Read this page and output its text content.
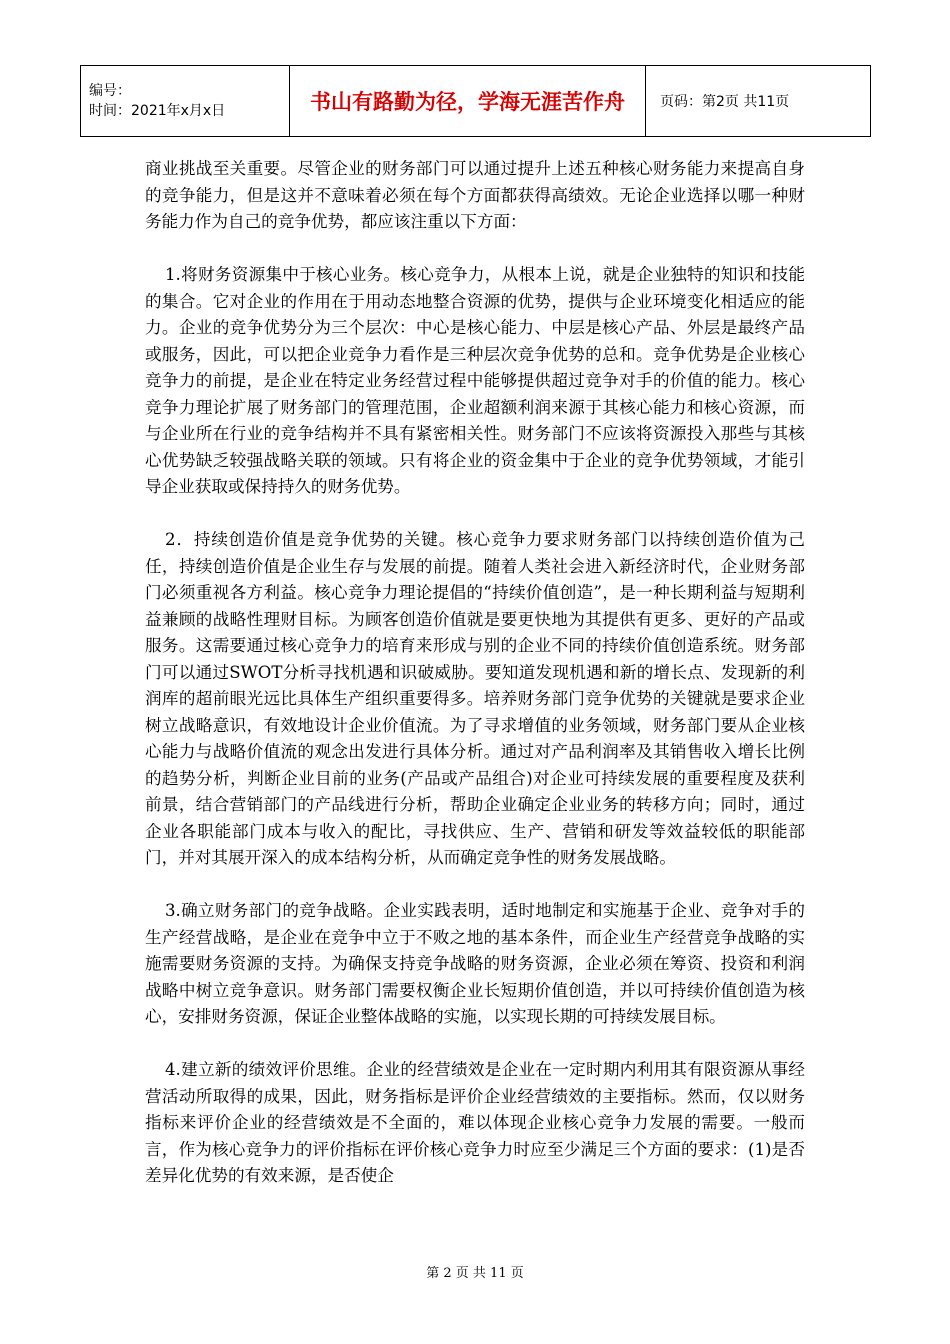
编号：
时间：2021年x月x日	书山有路勤为径，学海无涯苦作舟	页码：第2页 共11页

商业挑战至关重要。尽管企业的财务部门可以通过提升上述五种核心财务能力来提高自身的竞争能力，但是这并不意味着必须在每个方面都获得高绩效。无论企业选择以哪一种财务能力作为自己的竞争优势，都应该注重以下方面：

1.将财务资源集中于核心业务。核心竞争力，从根本上说，就是企业独特的知识和技能的集合。它对企业的作用在于用动态地整合资源的优势，提供与企业环境变化相适应的能力。企业的竞争优势分为三个层次：中心是核心能力、中层是核心产品、外层是最终产品或服务，因此，可以把企业竞争力看作是三种层次竞争优势的总和。竞争优势是企业核心竞争力的前提，是企业在特定业务经营过程中能够提供超过竞争对手的价值的能力。核心竞争力理论扩展了财务部门的管理范围，企业超额利润来源于其核心能力和核心资源，而与企业所在行业的竞争结构并不具有紧密相关性。财务部门不应该将资源投入那些与其核心优势缺乏较强战略关联的领域。只有将企业的资金集中于企业的竞争优势领域，才能引导企业获取或保持持久的财务优势。

2．持续创造价值是竞争优势的关键。核心竞争力要求财务部门以持续创造价值为己任，持续创造价值是企业生存与发展的前提。随着人类社会进入新经济时代，企业财务部门必须重视各方利益。核心竞争力理论提倡的“持续价值创造”，是一种长期利益与短期利益兼顾的战略性理财目标。为顾客创造价值就是要更快地为其提供有更多、更好的产品或服务。这需要通过核心竞争力的培育来形成与别的企业不同的持续价值创造系统。财务部门可以通过SWOT分析寻找机遇和识破威胁。要知道发现机遇和新的增长点、发现新的利润库的超前眼光远比具体生产组织重要得多。培养财务部门竞争优势的关键就是要求企业树立战略意识，有效地设计企业价值流。为了寻求增值的业务领域，财务部门要从企业核心能力与战略价值流的观念出发进行具体分析。通过对产品利润率及其销售收入增长比例的趋势分析，判断企业目前的业务(产品或产品组合)对企业可持续发展的重要程度及获利前景，结合营销部门的产品线进行分析，帮助企业确定企业业务的转移方向；同时，通过企业各职能部门成本与收入的配比，寻找供应、生产、营销和研发等效益较低的职能部门，并对其展开深入的成本结构分析，从而确定竞争性的财务发展战略。

3.确立财务部门的竞争战略。企业实践表明，适时地制定和实施基于企业、竞争对手的生产经营战略，是企业在竞争中立于不败之地的基本条件，而企业生产经营竞争战略的实施需要财务资源的支持。为确保支持竞争战略的财务资源，企业必须在筹资、投资和利润战略中树立竞争意识。财务部门需要权衡企业长短期价值创造，并以可持续价值创造为核心，安排财务资源，保证企业整体战略的实施，以实现长期的可持续发展目标。

4.建立新的绩效评价思维。企业的经营绩效是企业在一定时期内利用其有限资源从事经营活动所取得的成果，因此，财务指标是评价企业经营绩效的主要指标。然而，仅以财务指标来评价企业的经营绩效是不全面的，难以体现企业核心竞争力发展的需要。一般而言，作为核心竞争力的评价指标在评价核心竞争力时应至少满足三个方面的要求：(1)是否差异化优势的有效来源，是否使企

第 2 页 共 11 页
